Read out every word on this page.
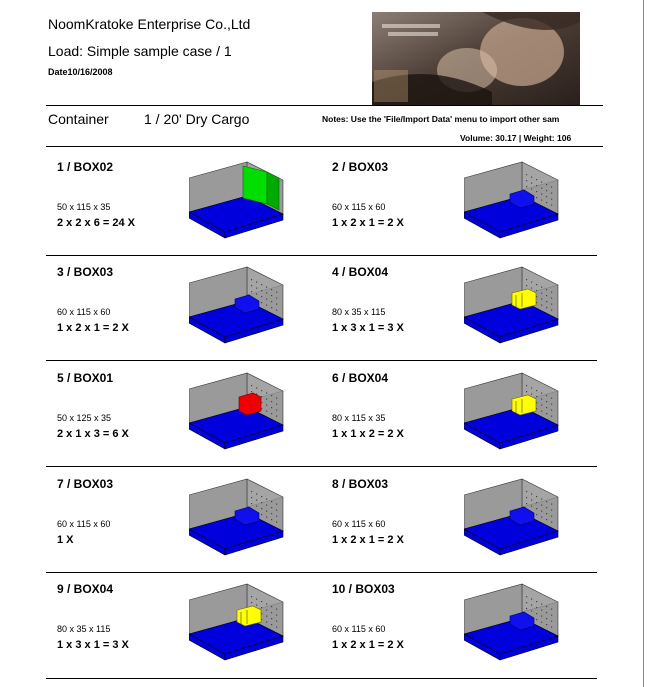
NoomKratoke Enterprise Co.,Ltd
Load: Simple sample case / 1
Date10/16/2008
Container	1 / 20' Dry Cargo	Notes: Use the 'File/Import Data' menu to import other sam
Volume: 30.17 | Weight: 106
1 / BOX02
50 x 115 x 35
2 x 2 x 6 = 24 X
2 / BOX03
60 x 115 x 60
1 x 2 x 1 = 2 X
3 / BOX03
60 x 115 x 60
1 x 2 x 1 = 2 X
4 / BOX04
80 x 35 x 115
1 x 3 x 1 = 3 X
5 / BOX01
50 x 125 x 35
2 x 1 x 3 = 6 X
6 / BOX04
80 x 115 x 35
1 x 1 x 2 = 2 X
7 / BOX03
60 x 115 x 60
1 X
8 / BOX03
60 x 115 x 60
1 x 2 x 1 = 2 X
9 / BOX04
80 x 35 x 115
1 x 3 x 1 = 3 X
10 / BOX03
60 x 115 x 60
1 x 2 x 1 = 2 X
